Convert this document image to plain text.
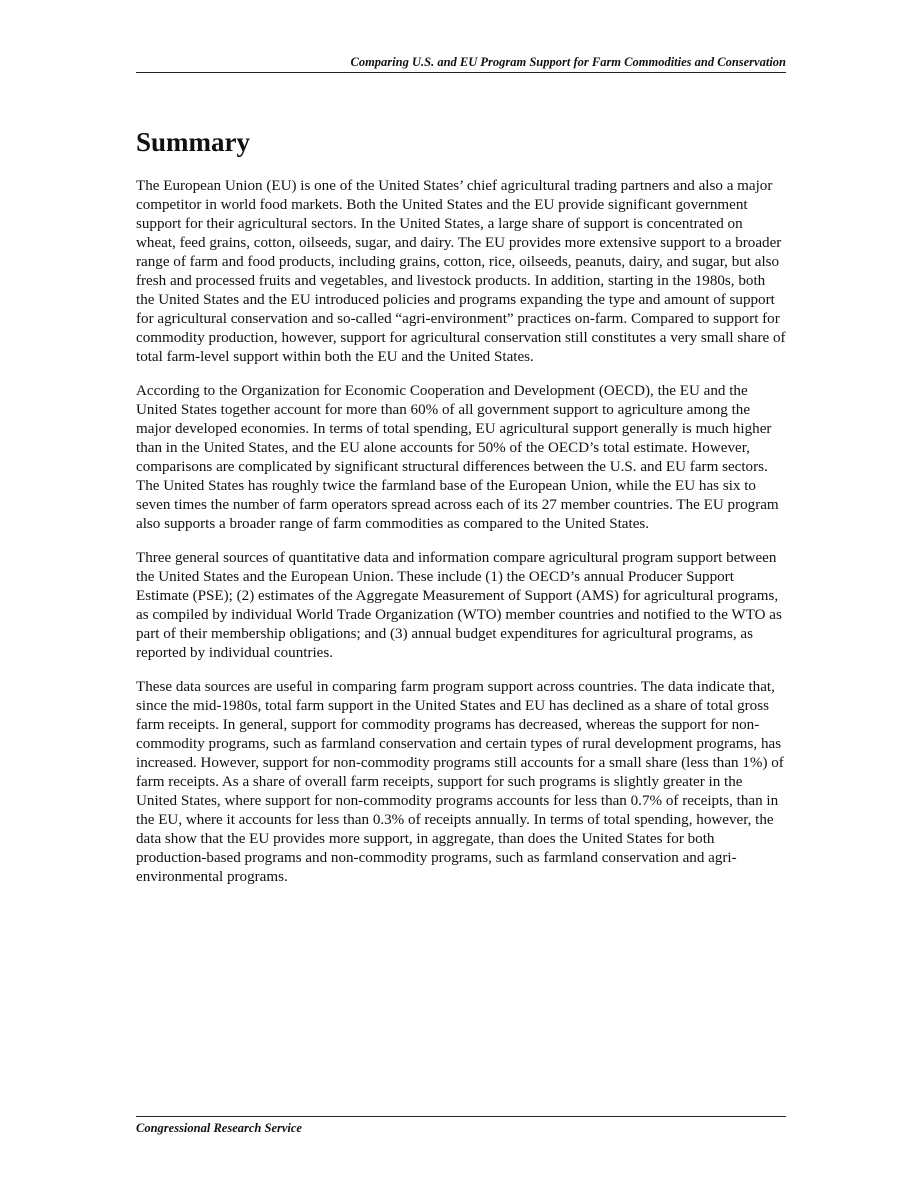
Comparing U.S. and EU Program Support for Farm Commodities and Conservation
Summary

The European Union (EU) is one of the United States’ chief agricultural trading partners and also a major competitor in world food markets. Both the United States and the EU provide significant government support for their agricultural sectors. In the United States, a large share of support is concentrated on wheat, feed grains, cotton, oilseeds, sugar, and dairy. The EU provides more extensive support to a broader range of farm and food products, including grains, cotton, rice, oilseeds, peanuts, dairy, and sugar, but also fresh and processed fruits and vegetables, and livestock products. In addition, starting in the 1980s, both the United States and the EU introduced policies and programs expanding the type and amount of support for agricultural conservation and so-called “agri-environment” practices on-farm. Compared to support for commodity production, however, support for agricultural conservation still constitutes a very small share of total farm-level support within both the EU and the United States.

According to the Organization for Economic Cooperation and Development (OECD), the EU and the United States together account for more than 60% of all government support to agriculture among the major developed economies. In terms of total spending, EU agricultural support generally is much higher than in the United States, and the EU alone accounts for 50% of the OECD’s total estimate. However, comparisons are complicated by significant structural differences between the U.S. and EU farm sectors. The United States has roughly twice the farmland base of the European Union, while the EU has six to seven times the number of farm operators spread across each of its 27 member countries. The EU program also supports a broader range of farm commodities as compared to the United States.

Three general sources of quantitative data and information compare agricultural program support between the United States and the European Union. These include (1) the OECD’s annual Producer Support Estimate (PSE); (2) estimates of the Aggregate Measurement of Support (AMS) for agricultural programs, as compiled by individual World Trade Organization (WTO) member countries and notified to the WTO as part of their membership obligations; and (3) annual budget expenditures for agricultural programs, as reported by individual countries.

These data sources are useful in comparing farm program support across countries. The data indicate that, since the mid-1980s, total farm support in the United States and EU has declined as a share of total gross farm receipts. In general, support for commodity programs has decreased, whereas the support for non-commodity programs, such as farmland conservation and certain types of rural development programs, has increased. However, support for non-commodity programs still accounts for a small share (less than 1%) of farm receipts. As a share of overall farm receipts, support for such programs is slightly greater in the United States, where support for non-commodity programs accounts for less than 0.7% of receipts, than in the EU, where it accounts for less than 0.3% of receipts annually. In terms of total spending, however, the data show that the EU provides more support, in aggregate, than does the United States for both production-based programs and non-commodity programs, such as farmland conservation and agri-environmental programs.

Congressional Research Service
